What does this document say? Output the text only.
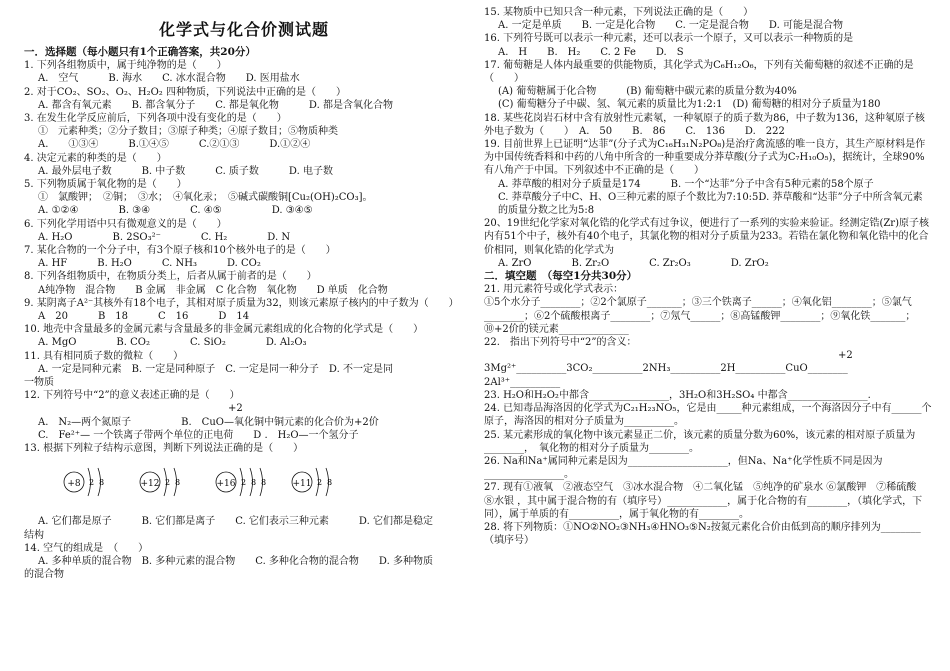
化学式与化合价测试题
一．选择题（每小题只有1个正确答案，共20分）
1. 下列各组物质中，属于纯净物的是（　　）
A.　空气　　　B. 海水　　C. 冰水混合物　　D. 医用盐水
2. 对于CO₂、SO₂、O₂、H₂O₂ 四种物质，下列说法中正确的是（　　）
A. 都含有氧元素　　B. 都含氧分子　　C. 都是氧化物　　　D. 都是含氧化合物
3. 在发生化学反应前后，下列各项中没有变化的是（　　）
①　元素种类；②分子数目；③原子种类；④原子数目；⑤物质种类
A.　　①③④　　　B.①④⑤　　　C.②①③　　　D.①②④
4. 决定元素的种类的是（　　）
A. 最外层电子数　　　B. 中子数　　　C. 质子数　　　D. 电子数
5. 下列物质属于氧化物的是（　　）
①　氯酸钾；　②铜；　③水；　④氧化汞；　⑤碱式碳酸铜[Cu₂(OH)₂CO₃]。
A. ①②④　　　　B. ③④　　　　C. ④⑤　　　　　D. ③④⑤
6. 下列化学用语中只有微观意义的是（　　）
A. H₂O　　　　B. 2SO₃²⁻　　　　C. H₂　　　　D. N
7. 某化合物的一个分子中，有3个原子核和10个核外电子的是（　　）
A. HF　　　B. H₂O　　　C. NH₃　　　D. CO₂
8. 下列各组物质中，在物质分类上，后者从属于前者的是（　　）
A纯净物　混合物　　B 金属　非金属　C 化合物　氧化物　　D 单质　化合物
9. 某阴离子A²⁻其核外有18个电子，其相对原子质量为32，则该元素原子核内的中子数为（　　）
A　20　　　B　18　　　C　16　　　D　14
10. 地壳中含量最多的金属元素与含量最多的非金属元素组成的化合物的化学式是（　　）
A. MgO　　　　B. CO₂　　　　C. SiO₂　　　　D. Al₂O₃
11. 具有相同质子数的微粒（　　）
A. 一定是同种元素　B. 一定是同种原子　C. 一定是同一种分子　D. 不一定是同
一物质
12. 下列符号中“2”的意义表述正确的是（　　）
　　　　　　　　　　　　　　　　　　　+2
A.　N₂—两个氮原子　　　　　B.　CuO—氧化铜中铜元素的化合价为+2价
C.　Fe²⁺— 一个铁离子带两个单位的正电荷　　D .　H₂O—一个氢分子
13. 根据下列粒子结构示意图，判断下列说法正确的是（　　）
2 8
+8	2 8
+12	2 8 8
+16	2 8
+11
A. 它们都是原子　　　B. 它们都是离子　　C. 它们表示三种元素　　　D. 它们都是稳定
结构
14. 空气的组成是　（　　）
A. 多种单质的混合物　B. 多种元素的混合物　　C. 多种化合物的混合物　　D. 多种物质
的混合物
15. 某物质中已知只含一种元素，下列说法正确的是（　　）
A. 一定是单质　　B. 一定是化合物　　C. 一定是混合物　　D. 可能是混合物
16. 下列符号既可以表示一种元素，还可以表示一个原子，又可以表示一种物质的是
A.　H　　B.　H₂　　C. 2 Fe　　D.　S
17. 葡萄糖是人体内最重要的供能物质，其化学式为C₆H₁₂O₆，下列有关葡萄糖的叙述不正确的是（　　）
(A) 葡萄糖属于化合物　　　(B) 葡萄糖中碳元素的质量分数为40%
(C) 葡萄糖分子中碳、氢、氧元素的质量比为1:2:1　(D) 葡萄糖的相对分子质量为180
18. 某些花岗岩石材中含有放射性元素氡，一种氡原子的质子数为86，中子数为136，这种氡原子核外电子数为（　　）　A.　50　　B.　86　　C.　136　　D.　222
19. 目前世界上已证明“达菲”(分子式为C₁₆H₃₁N₂PO₈)是治疗禽流感的唯一良方，其生产原材料是作为中国传统香料和中药的八角中所含的一种重要成分莽草酸(分子式为C₇H₁₀O₅)，据统计，全球90%有八角产于中国。下列叙述中不正确的是（　　）
A. 莽草酸的相对分子质量是174　　　B. 一个“达菲”分子中含有5种元素的58个原子
C. 莽草酸分子中C、H、O三种元素的原子个数比为7:10:5D. 莽草酸和“达菲”分子中所含氧元素的质量分数之比为5:8
20、19世纪化学家对氧化锆的化学式有过争议，便进行了一系列的实验来验证。经测定锆(Zr)原子核内有51个中子，核外有40个电子，其氯化物的相对分子质量为233。若锆在氯化物和氧化锆中的化合价相同，则氧化锆的化学式为
A. ZrO　　　　B. Zr₂O　　　　C. Zr₂O₃　　　　D. ZrO₂
二．填空题　（每空1分共30分）
21. 用元素符号或化学式表示：
①5个水分子________；②2个氯原子_______；③三个铁离子______；④氧化铝________；⑤氯气________；⑥2个硫酸根离子________；⑦氖气______；⑧高锰酸钾________；⑨氧化铁_______；⑩+2价的镁元素______________
22.　指出下列符号中“2”的含义：
　　　　　　　　　　　　　　　　　　　　　　　　　　　　　　　　　　+2
3Mg²⁺__________3CO₂__________2NH₃__________2H__________CuO________
2Al³⁺__________
23. H₂O和H₂O₂中都含________________，3H₂O和3H₂SO₄ 中都含________________.
24. 已知毒品海洛因的化学式为C₂₁H₂₃NO₅，它是由_____种元素组成，一个海洛因分子中有______个原子，海洛因的相对分子质量为__________。
25. 某元素形成的氧化物中该元素显正二价，该元素的质量分数为60%，该元素的相对原子质量为________，　氧化物的相对分子质量为________。
26. Na和Na⁺属同种元素是因为____________________，但Na、Na⁺化学性质不同是因为________________。
27. 现有①液氧　②液态空气　③冰水混合物　④二氧化锰　⑤纯净的矿泉水 ⑥氯酸钾　⑦稀硫酸　⑧水银 ，其中属于混合物的有（填序号）____________，属于化合物的有________，（填化学式，下同），属于单质的有__________，属于氧化物的有________。
28. 将下列物质：①NO②NO₂③NH₃④HNO₃⑤N₂按氮元素化合价由低到高的顺序排列为________（填序号）
